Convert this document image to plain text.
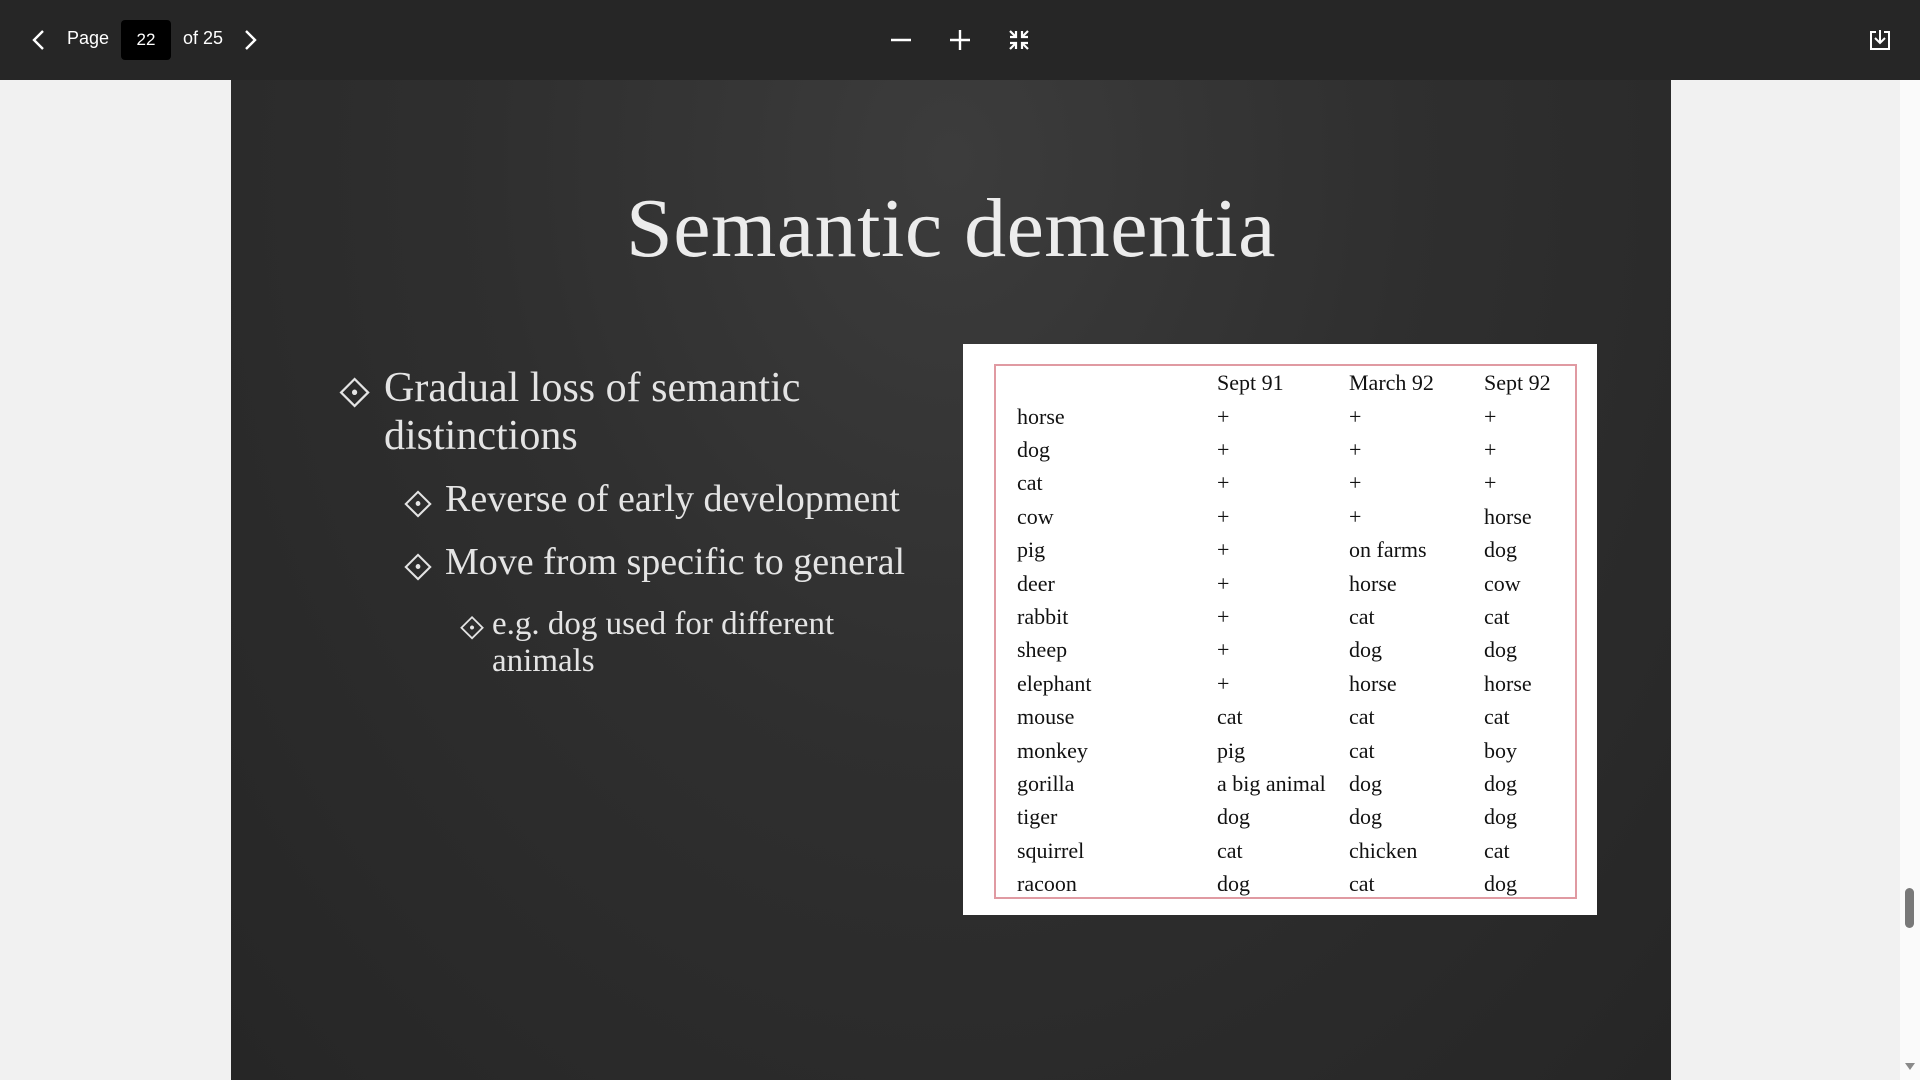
Page
22	of 25
Semantic dementia
⟐ Gradual loss of semantic distinctions
⟐ Reverse of early development
⟐ Move from specific to general
⟐ e.g. dog used for different animals
	Sept 91	March 92	Sept 92
horse	+	+	+
dog	+	+	+
cat	+	+	+
cow	+	+	horse
pig	+	on farms	dog
deer	+	horse	cow
rabbit	+	cat	cat
sheep	+	dog	dog
elephant	+	horse	horse
mouse	cat	cat	cat
monkey	pig	cat	boy
gorilla	a big animal	dog	dog
tiger	dog	dog	dog
squirrel	cat	chicken	cat
racoon	dog	cat	dog
